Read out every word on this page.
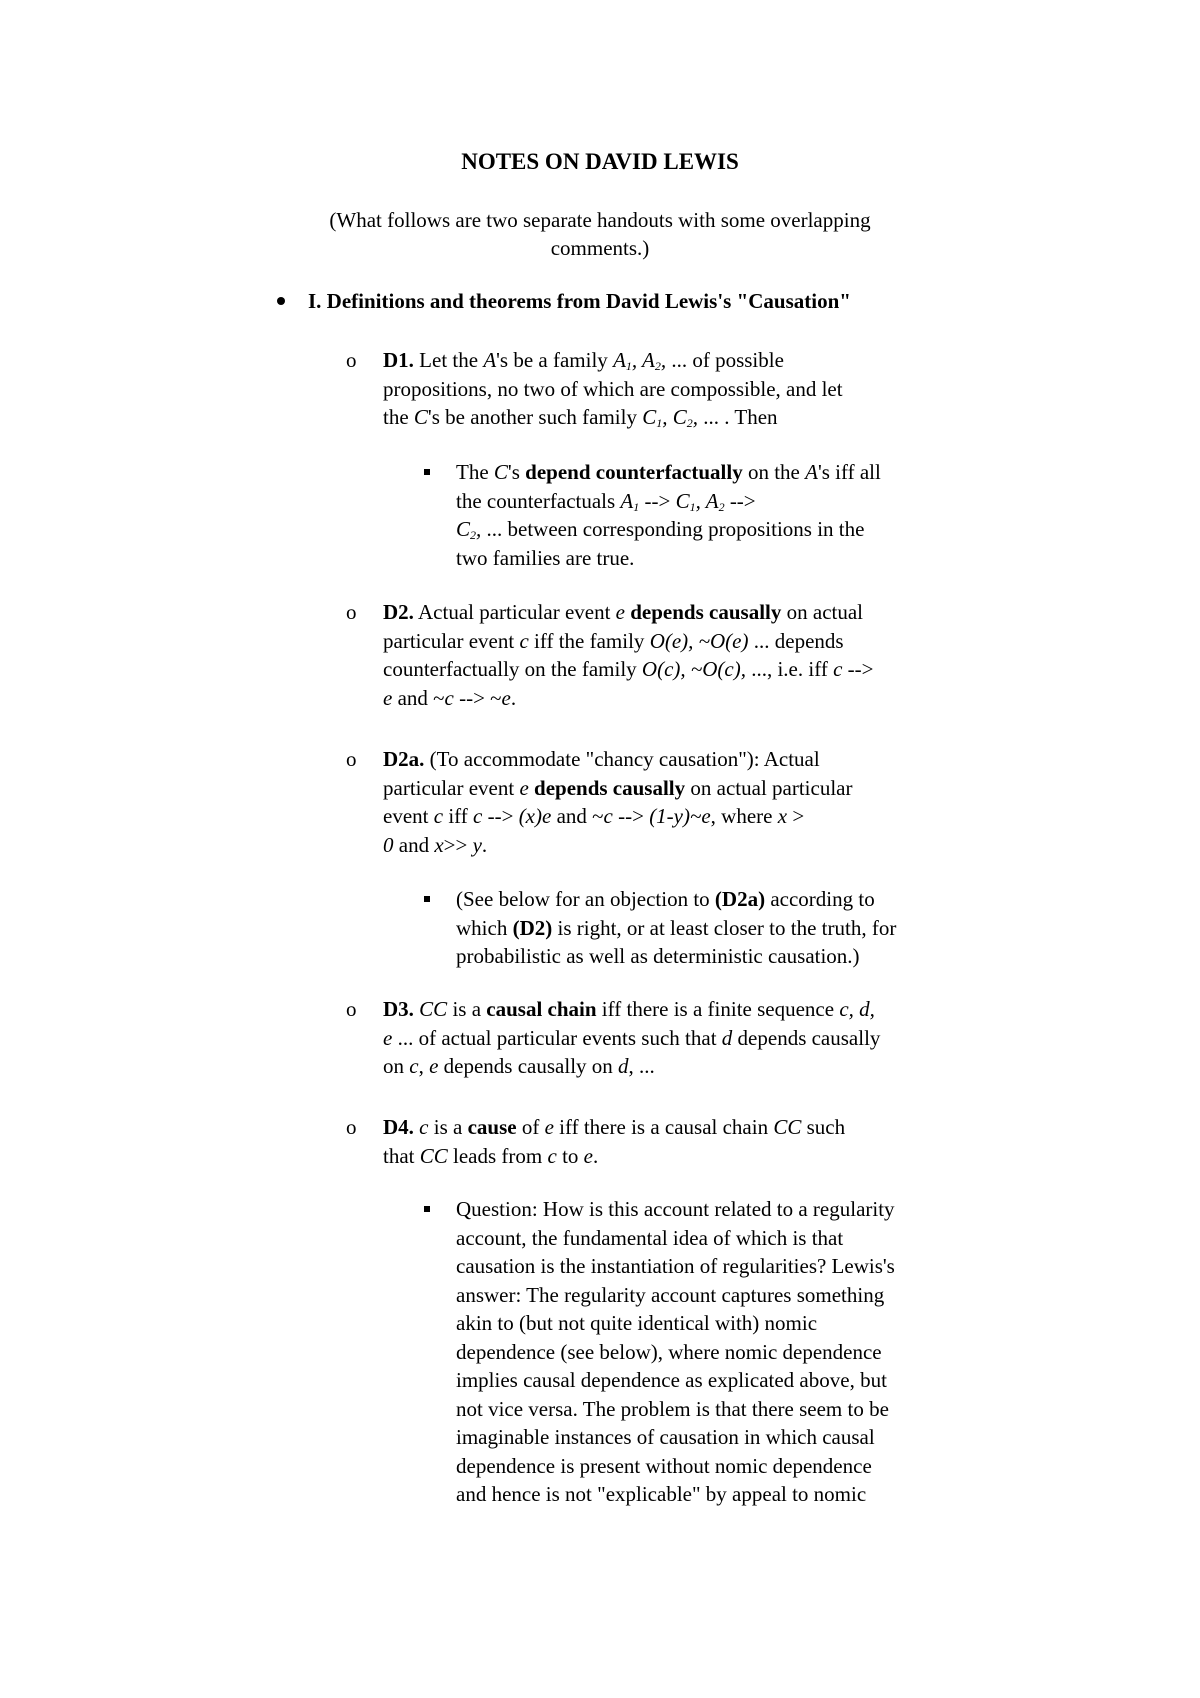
NOTES ON DAVID LEWIS
(What follows are two separate handouts with some overlapping
comments.)
I. Definitions and theorems from David Lewis's "Causation"
o D1. Let the A's be a family $A_1$, $A_2$, ... of possible
propositions, no two of which are compossible, and let
the C's be another such family $C_1$, $C_2$, ... . Then
The C's depend counterfactually on the A's iff all
the counterfactuals $A_1$ --> $C_1$, $A_2$ -->
$C_2$, ... between corresponding propositions in the
two families are true.
o D2. Actual particular event e depends causally on actual
particular event c iff the family O(e), ~O(e) ... depends
counterfactually on the family O(c), ~O(c), ..., i.e. iff c -->
e and ~c --> ~e.
o D2a. (To accommodate "chancy causation"): Actual
particular event e depends causally on actual particular
event c iff c --> (x)e and ~c --> (1-y)~e, where x >
0 and x>> y.
(See below for an objection to (D2a) according to
which (D2) is right, or at least closer to the truth, for
probabilistic as well as deterministic causation.)
o D3. CC is a causal chain iff there is a finite sequence c, d,
e ... of actual particular events such that d depends causally
on c, e depends causally on d, ...
o D4. c is a cause of e iff there is a causal chain CC such
that CC leads from c to e.
Question: How is this account related to a regularity
account, the fundamental idea of which is that
causation is the instantiation of regularities? Lewis's
answer: The regularity account captures something
akin to (but not quite identical with) nomic
dependence (see below), where nomic dependence
implies causal dependence as explicated above, but
not vice versa. The problem is that there seem to be
imaginable instances of causation in which causal
dependence is present without nomic dependence
and hence is not "explicable" by appeal to nomic
